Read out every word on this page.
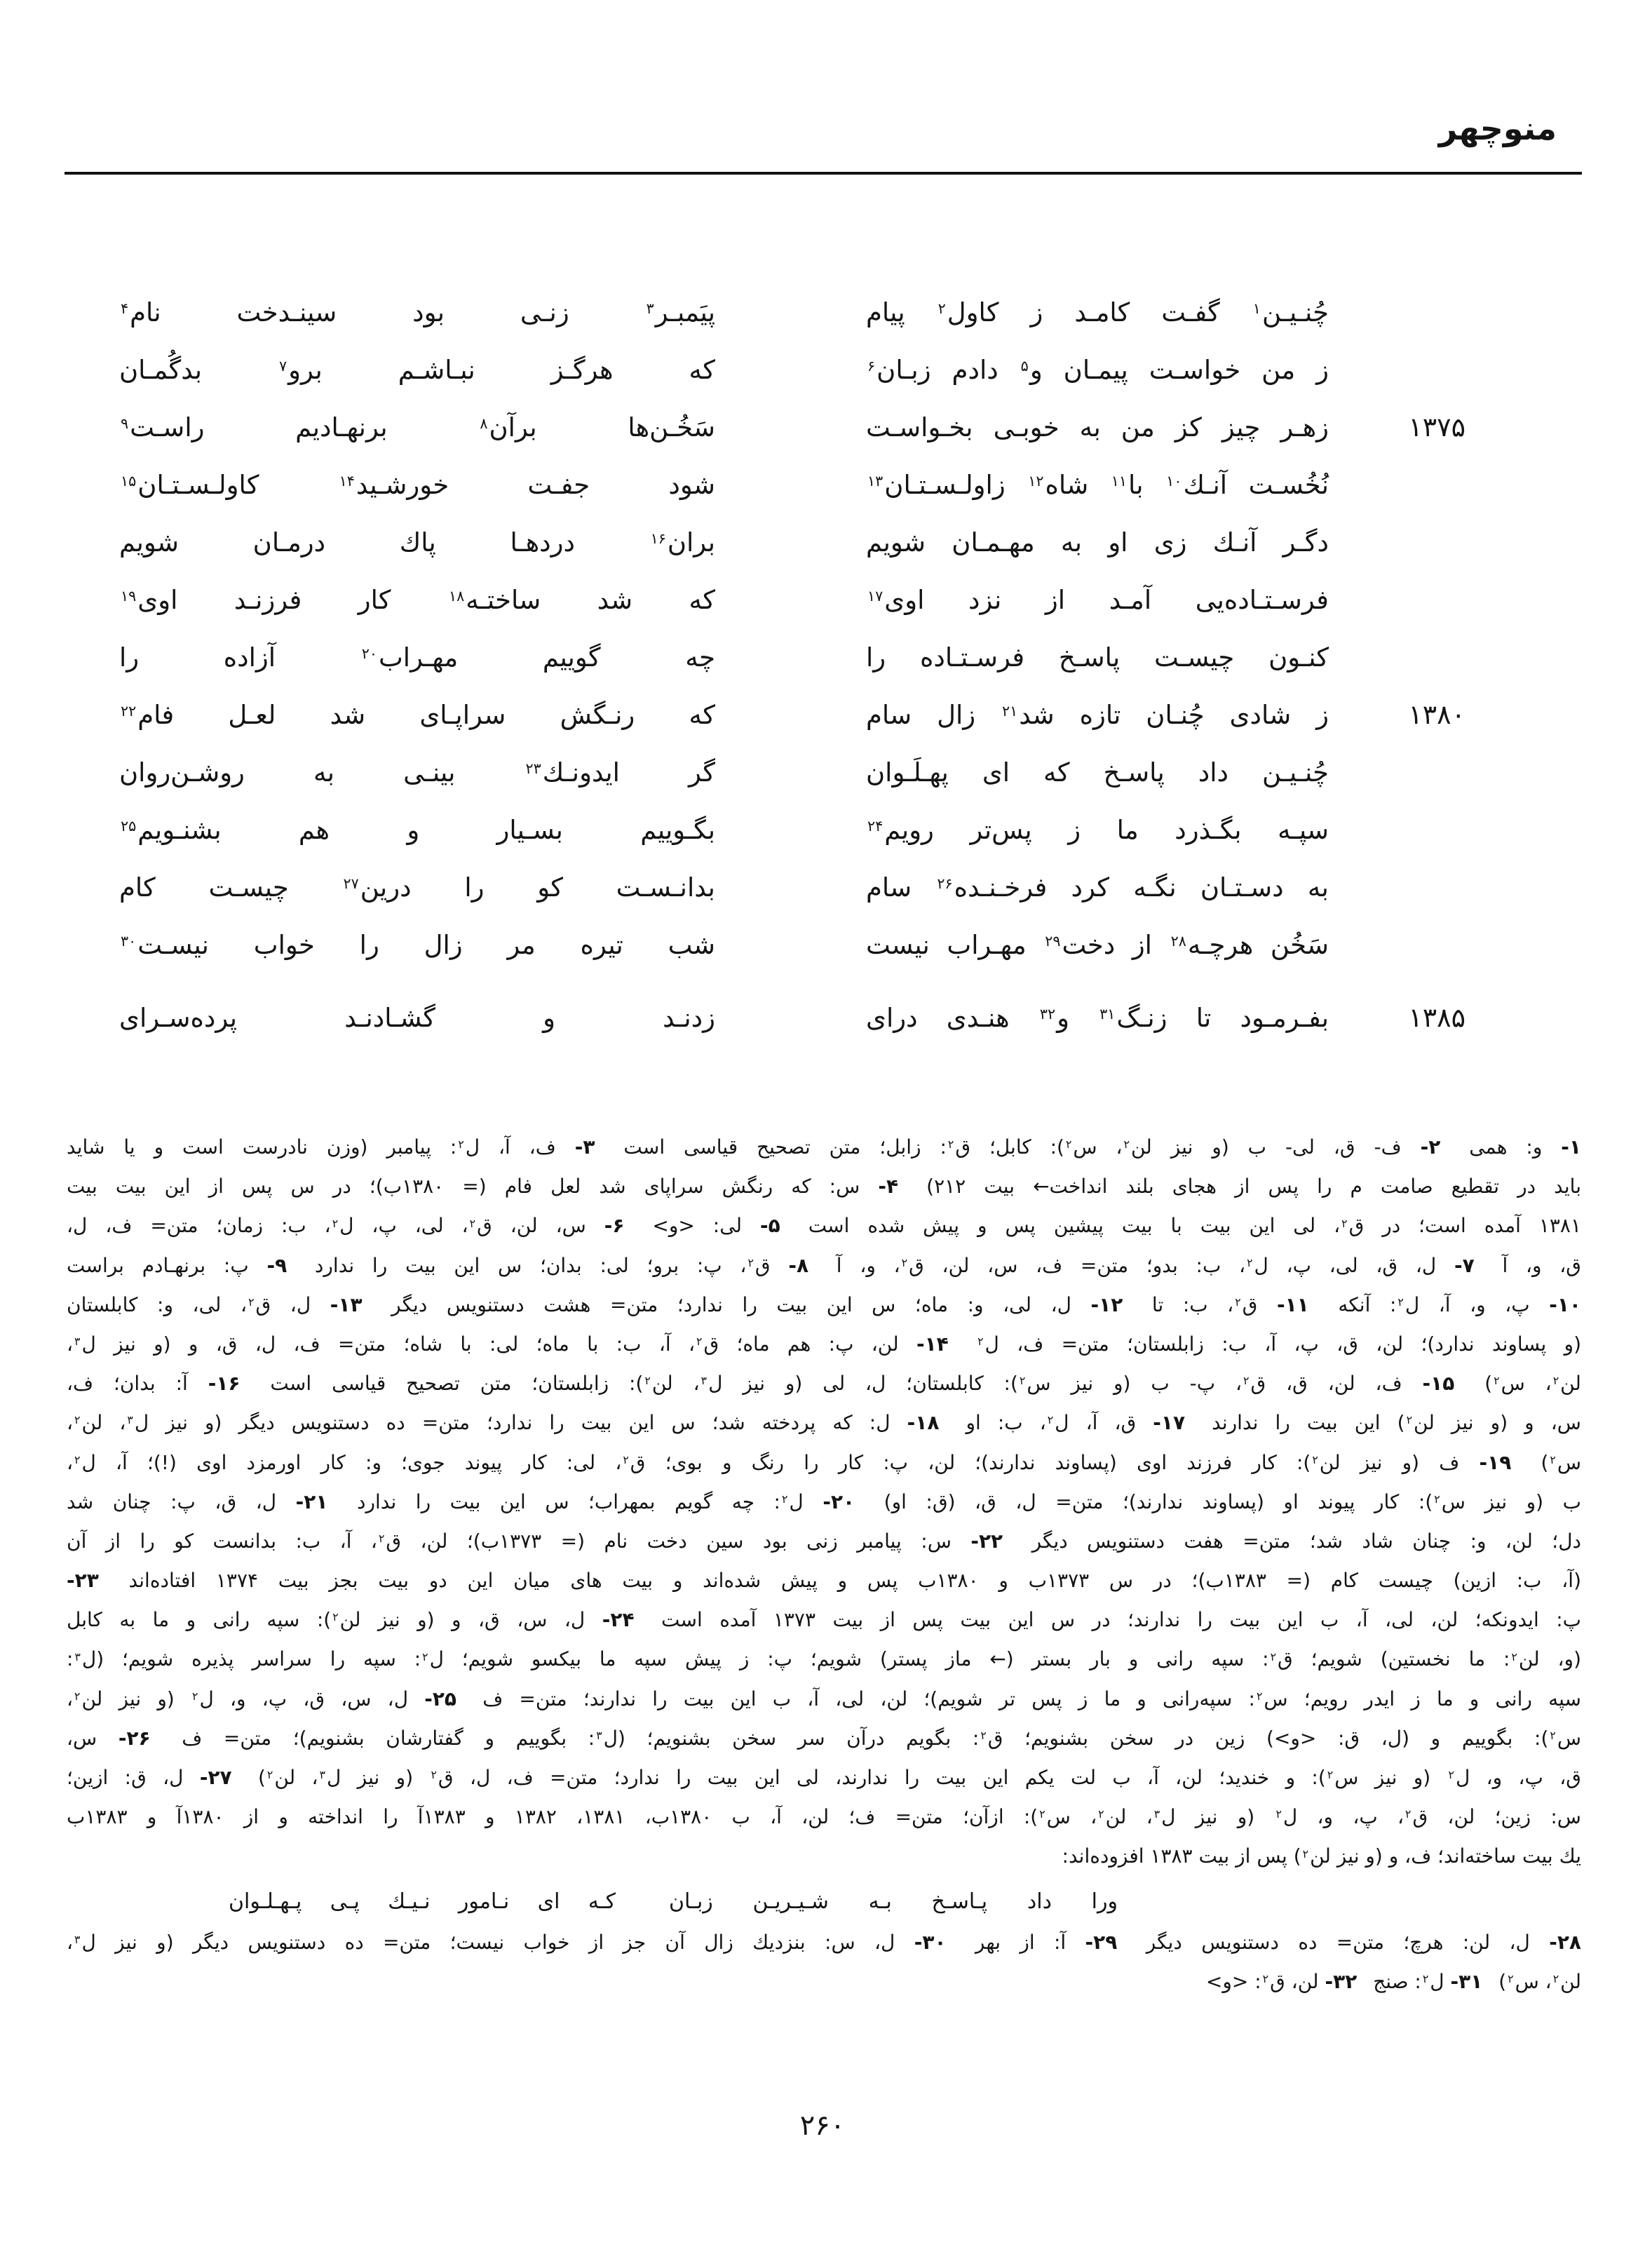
منوچهر
چُنـیـن$^۱$ گفـت کامـد ز کاول$^۲$ پیام
پیَمبـر$^۳$ زنـی بود سینـدخت نام$^۴$
ز من خواسـت پیمـان و$^۵$ دادم زبـان$^۶$
که هرگـز نبـاشـم برو$^۷$ بدگُمـان
۱۳۷۵
زهـر چیز کز من به خوبـی بخـواسـت
سَخُـن‌ها برآن$^۸$ برنهـادیم راسـت$^۹$
نُخُسـت آنـك$^{۱۰}$ با$^{۱۱}$ شاه$^{۱۲}$ زاولـسـتـان$^{۱۳}$
شود جفـت خورشـید$^{۱۴}$ کاولـسـتـان$^{۱۵}$
دگـر آنـك زی او به مهـمـان شویم
بران$^{۱۶}$ دردهـا پاك درمـان شویم
فرسـتـاده‌یی آمـد از نزد اوی$^{۱۷}$
که شد ساختـه$^{۱۸}$ کار فرزنـد اوی$^{۱۹}$
کنـون چیسـت پاسـخ فرسـتـاده را
چه گوییم مهـراب$^{۲۰}$ آزاده را
۱۳۸۰
ز شادی چُنـان تازه شد$^{۲۱}$ زال سام
که رنـگش سراپـای شد لعـل فام$^{۲۲}$
چُنـیـن داد پاسـخ که ای پهـلَـوان
گر ایدونـك$^{۲۳}$ بینـی به روشـن‌روان
سپـه بگـذرد ما ز پس‌تر رویم$^{۲۴}$
بگـوییم بسـیار و هم بشنـویم$^{۲۵}$
به دسـتـان نگـه کرد فرخـنـده$^{۲۶}$ سام
بدانـسـت کو را درین$^{۲۷}$ چیسـت کام
سَخُن هرچـه$^{۲۸}$ از دخت$^{۲۹}$ مهـراب نیست
شب تیره مر زال را خواب نیسـت$^{۳۰}$
۱۳۸۵
بفـرمـود تا زنـگ$^{۳۱}$ و$^{۳۲}$ هنـدی درای
زدنـد و گشـادنـد پرده‌سـرای
۱- و: همی  ۲- ف- ق، لی- ب (و نیز لن$^۲$، س$^۲$): کابل؛ ق$^۲$: زابل؛ متن تصحیح قیاسی است  ۳- ف، آ، ل$^۲$: پیامبر (وزن نادرست است و یا شاید
باید در تقطیع صامت م را پس از هجای بلند انداخت← بیت ۲۱۲)  ۴- س: که رنگش سراپای شد لعل فام (= ۱۳۸۰ب)؛ در س پس از این بیت بیت
۱۳۸۱ آمده است؛ در ق$^۲$، لی این بیت با بیت پیشین پس و پیش شده است  ۵- لی: <و>  ۶- س، لن، ق$^۲$، لی، پ، ل$^۲$، ب: زمان؛ متن= ف، ل،
ق، و، آ  ۷- ل، ق، لی، پ، ل$^۲$، ب: بدو؛ متن= ف، س، لن، ق$^۲$، و، آ  ۸- ق$^۲$، پ: برو؛ لی: بدان؛ س این بیت را ندارد  ۹- پ: برنهـادم براست
۱۰- پ، و، آ، ل$^۲$: آنکه  ۱۱- ق$^۲$، ب: تا  ۱۲- ل، لی، و: ماه؛ س این بیت را ندارد؛ متن= هشت دستنویس دیگر  ۱۳- ل، ق$^۲$، لی، و: کابلستان
(و پساوند ندارد)؛ لن، ق، پ، آ، ب: زابلستان؛ متن= ف، ل$^۲$  ۱۴- لن، پ: هم ماه؛ ق$^۲$، آ، ب: با ماه؛ لی: با شاه؛ متن= ف، ل، ق، و (و نیز ل$^۳$،
لن$^۲$، س$^۲$)  ۱۵- ف، لن، ق، ق$^۲$، پ- ب (و نیز س$^۲$): کابلستان؛ ل، لی (و نیز ل$^۳$، لن$^۲$): زابلستان؛ متن تصحیح قیاسی است  ۱۶- آ: بدان؛ ف،
س، و (و نیز لن$^۲$) این بیت را ندارند  ۱۷- ق، آ، ل$^۲$، ب: او  ۱۸- ل: که پردخته شد؛ س این بیت را ندارد؛ متن= ده دستنویس دیگر (و نیز ل$^۳$، لن$^۲$،
س$^۲$)  ۱۹- ف (و نیز لن$^۲$): کار فرزند اوی (پساوند ندارند)؛ لن، پ: کار را رنگ و بوی؛ ق$^۲$، لی: کار پیوند جوی؛ و: کار اورمزد اوی (!)؛ آ، ل$^۲$،
ب (و نیز س$^۲$): کار پیوند او (پساوند ندارند)؛ متن= ل، ق، (ق: او)  ۲۰- ل$^۲$: چه گویم بمهراب؛ س این بیت را ندارد  ۲۱- ل، ق، پ: چنان شد
دل؛ لن، و: چنان شاد شد؛ متن= هفت دستنویس دیگر  ۲۲- س: پیامبر زنی بود سین دخت نام (= ۱۳۷۳ب)؛ لن، ق$^۲$، آ، ب: بدانست کو را از آن
(آ، ب: ازین) چیست کام (= ۱۳۸۳ب)؛ در س ۱۳۷۳ب و ۱۳۸۰ب پس و پیش شده‌اند و بیت های میان این دو بیت بجز بیت ۱۳۷۴ افتاده‌اند  ۲۳-
پ: ایدونکه؛ لن، لی، آ، ب این بیت را ندارند؛ در س این بیت پس از بیت ۱۳۷۳ آمده است  ۲۴- ل، س، ق، و (و نیز لن$^۲$): سپه رانی و ما به کابل
(و، لن$^۲$: ما نخستین) شویم؛ ق$^۲$: سپه رانی و بار بستر (← ماز پستر) شویم؛ پ: ز پیش سپه ما بیکسو شویم؛ ل$^۲$: سپه را سراسر پذیره شویم؛ (ل$^۳$:
سپه رانی و ما ز ایدر رویم؛ س$^۲$: سپه‌رانی و ما ز پس تر شویم)؛ لن، لی، آ، ب این بیت را ندارند؛ متن= ف  ۲۵- ل، س، ق، پ، و، ل$^۲$ (و نیز لن$^۲$،
س$^۲$): بگوییم و (ل، ق: <و>) زین در سخن بشنویم؛ ق$^۲$: بگویم درآن سر سخن بشنویم؛ (ل$^۳$: بگوییم و گفتارشان بشنویم)؛ متن= ف  ۲۶- س،
ق، پ، و، ل$^۲$ (و نیز س$^۲$): و خندید؛ لن، آ، ب لت یکم این بیت را ندارند، لی این بیت را ندارد؛ متن= ف، ل، ق$^۲$ (و نیز ل$^۳$، لن$^۲$)  ۲۷- ل، ق: ازین؛
س: زین؛ لن، ق$^۲$، پ، و، ل$^۲$ (و نیز ل$^۳$، لن$^۲$، س$^۲$): ازآن؛ متن= ف؛ لن، آ، ب ۱۳۸۰ب، ۱۳۸۱، ۱۳۸۲ و ۱۳۸۳آ را انداخته و از ۱۳۸۰آ و ۱۳۸۳ب
یك بیت ساخته‌اند؛ ف، و (و نیز لن$^۲$) پس از بیت ۱۳۸۳ افزوده‌اند:
ورا داد پـاسـخ بـه شـیـریـن زبـانکـه ای نـامور نـیـك پـی پـهـلـوان
۲۸- ل، لن: هرچ؛ متن= ده دستنویس دیگر  ۲۹- آ: از بهر  ۳۰- ل، س: بنزدیك زال آن جز از خواب نیست؛ متن= ده دستنویس دیگر (و نیز ل$^۳$،
لن$^۲$، س$^۲$)  ۳۱- ل$^۲$: صنج  ۳۲- لن، ق$^۲$: <و>
۲۶۰
